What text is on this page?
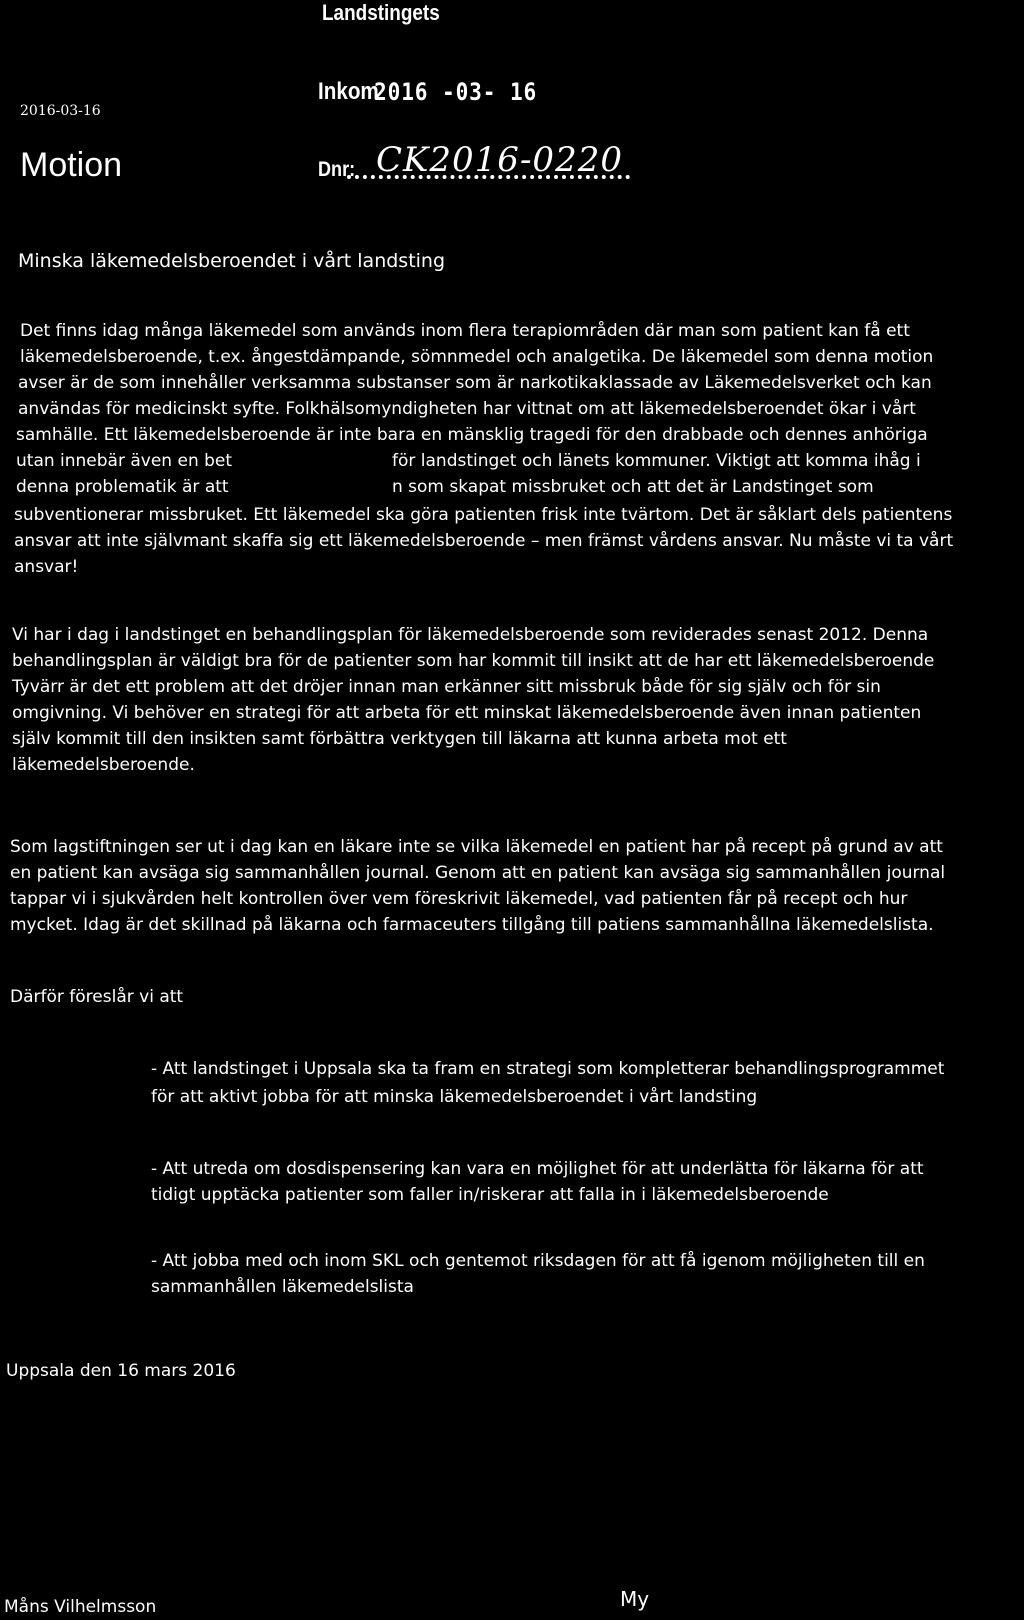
Landstingets
Inkom
2016 -03- 16
Dnr: CK2016-0220
2016-03-16
Motion
Minska läkemedelsberoendet i vårt landsting
Det finns idag många läkemedel som används inom flera terapiområden där man som patient kan få ett
läkemedelsberoende, t.ex. ångestdämpande, sömnmedel och analgetika. De läkemedel som denna motion
avser är de som innehåller verksamma substanser som är narkotikaklassade av Läkemedelsverket och kan
användas för medicinskt syfte. Folkhälsomyndigheten har vittnat om att läkemedelsberoendet ökar i vårt
samhälle. Ett läkemedelsberoende är inte bara en mänsklig tragedi för den drabbade och dennes anhöriga
utan innebär även en bet	för landstinget och länets kommuner. Viktigt att komma ihåg i
denna problematik är att	n som skapat missbruket och att det är Landstinget som
subventionerar missbruket. Ett läkemedel ska göra patienten frisk inte tvärtom. Det är såklart dels patientens
ansvar att inte självmant skaffa sig ett läkemedelsberoende – men främst vårdens ansvar. Nu måste vi ta vårt
ansvar!
Vi har i dag i landstinget en behandlingsplan för läkemedelsberoende som reviderades senast 2012. Denna
behandlingsplan är väldigt bra för de patienter som har kommit till insikt att de har ett läkemedelsberoende
Tyvärr är det ett problem att det dröjer innan man erkänner sitt missbruk både för sig själv och för sin
omgivning. Vi behöver en strategi för att arbeta för ett minskat läkemedelsberoende även innan patienten
själv kommit till den insikten samt förbättra verktygen till läkarna att kunna arbeta mot ett
läkemedelsberoende.
Som lagstiftningen ser ut i dag kan en läkare inte se vilka läkemedel en patient har på recept på grund av att
en patient kan avsäga sig sammanhållen journal. Genom att en patient kan avsäga sig sammanhållen journal
tappar vi i sjukvården helt kontrollen över vem föreskrivit läkemedel, vad patienten får på recept och hur
mycket. Idag är det skillnad på läkarna och farmaceuters tillgång till patiens sammanhållna läkemedelslista.
Därför föreslår vi att
- Att landstinget i Uppsala ska ta fram en strategi som kompletterar behandlingsprogrammet
för att aktivt jobba för att minska läkemedelsberoendet i vårt landsting
- Att utreda om dosdispensering kan vara en möjlighet för att underlätta för läkarna för att
tidigt upptäcka patienter som faller in/riskerar att falla in i läkemedelsberoende
- Att jobba med och inom SKL och gentemot riksdagen för att få igenom möjligheten till en
sammanhållen läkemedelslista
Uppsala den 16 mars 2016
Måns Vilhelmsson	My
